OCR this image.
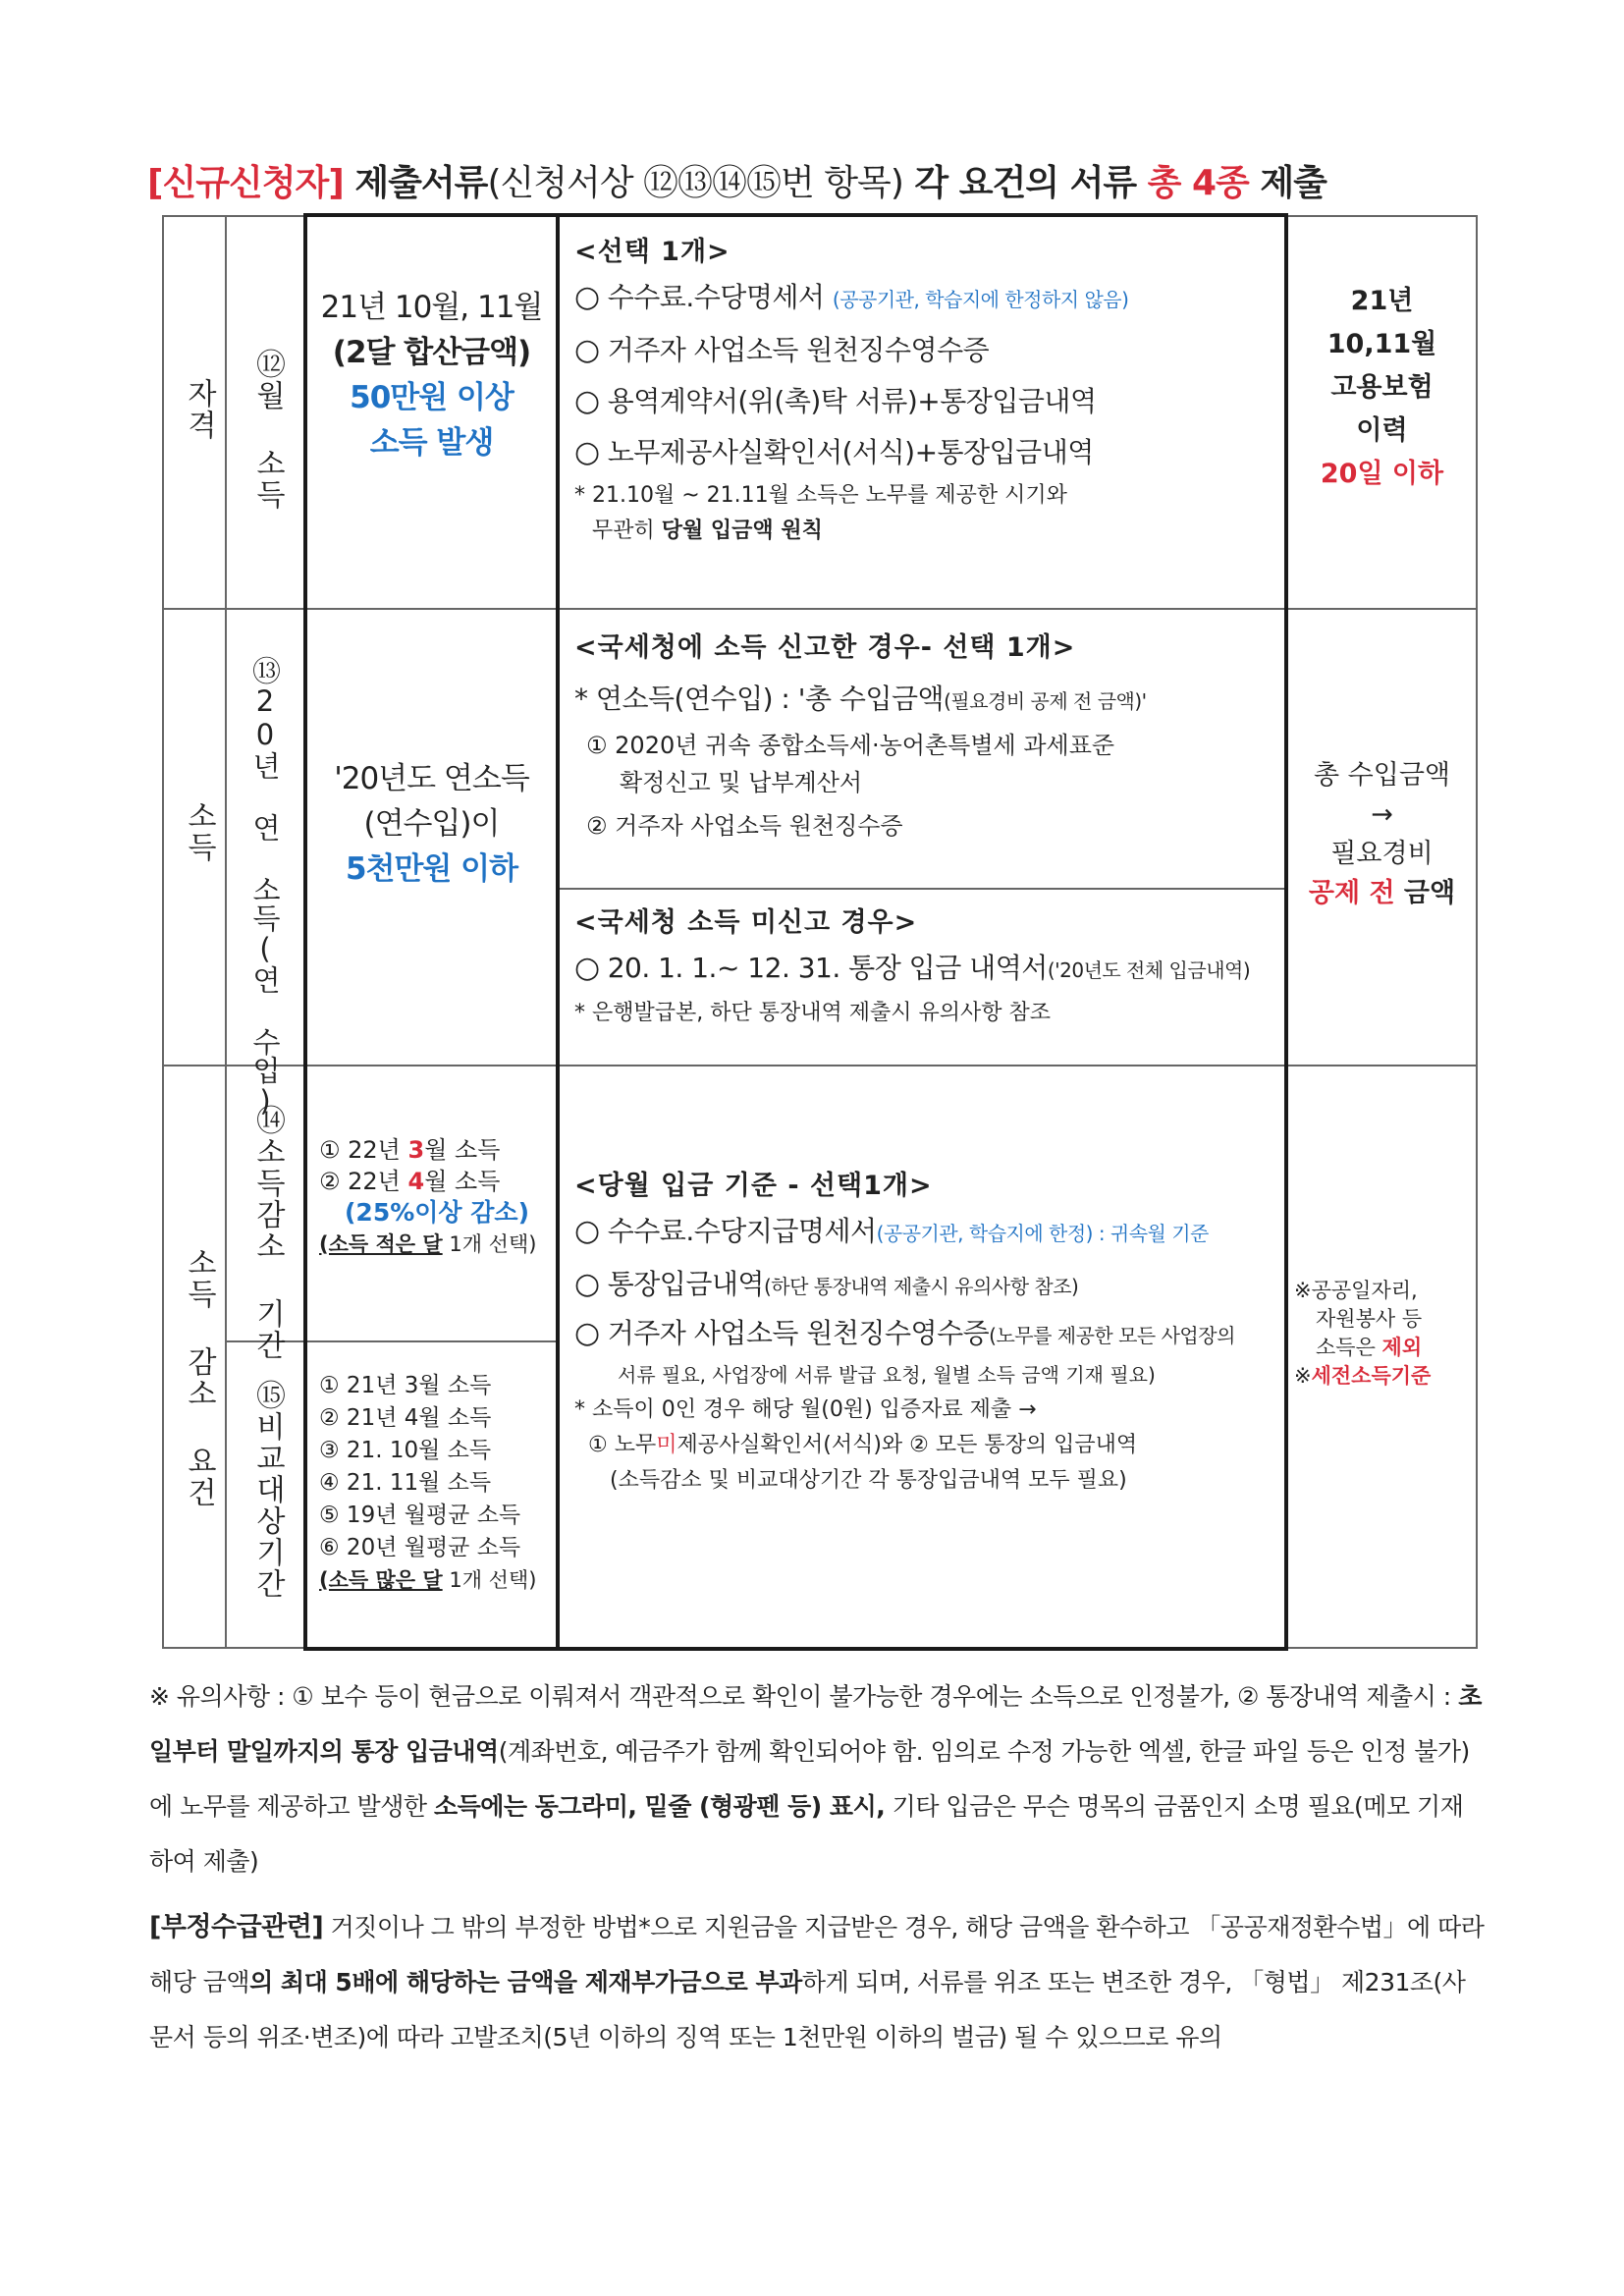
[신규신청자] 제출서류(신청서상 ⑫⑬⑭⑮번 항목) 각 요건의 서류 총 4종 제출
자격 ⑫월 소득
21년 10월, 11월
(2달 합산금액)
50만원 이상
소득 발생
<선택 1개>
○ 수수료.수당명세서 (공공기관, 학습지에 한정하지 않음)
○ 거주자 사업소득 원천징수영수증
○ 용역계약서(위(촉)탁 서류)+통장입금내역
○ 노무제공사실확인서(서식)+통장입금내역
* 21.10월 ~ 21.11월 소득은 노무를 제공한 시기와
무관히 당월 입금액 원칙
21년
10,11월
고용보험
이력
20일 이하
소득 ⑬20년 연 소득(연 수입) '20년도 연소득
(연수입)이
5천만원 이하
<국세청에 소득 신고한 경우- 선택 1개>
* 연소득(연수입) : '총 수입금액(필요경비 공제 전 금액)'
① 2020년 귀속 종합소득세·농어촌특별세 과세표준
확정신고 및 납부계산서
② 거주자 사업소득 원천징수증
<국세청 소득 미신고 경우>
○ 20. 1. 1.~ 12. 31. 통장 입금 내역서('20년도 전체 입금내역)
* 은행발급본, 하단 통장내역 제출시 유의사항 참조
총 수입금액
→
필요경비
공제 전 금액
소득 감소 요건
⑭소득감소 기간
⑮비교대상기간
① 22년 3월 소득
② 22년 4월 소득
(25%이상 감소)
(소득 적은 달 1개 선택)
① 21년 3월 소득
② 21년 4월 소득
③ 21. 10월 소득
④ 21. 11월 소득
⑤ 19년 월평균 소득
⑥ 20년 월평균 소득
(소득 많은 달 1개 선택)
<당월 입금 기준 - 선택1개>
○ 수수료.수당지급명세서(공공기관, 학습지에 한정) : 귀속월 기준
○ 통장입금내역(하단 통장내역 제출시 유의사항 참조)
○ 거주자 사업소득 원천징수영수증(노무를 제공한 모든 사업장의
서류 필요, 사업장에 서류 발급 요청, 월별 소득 금액 기재 필요)
* 소득이 0인 경우 해당 월(0원) 입증자료 제출 →
① 노무미제공사실확인서(서식)와 ② 모든 통장의 입금내역
(소득감소 및 비교대상기간 각 통장입금내역 모두 필요)
※공공일자리,
자원봉사 등
소득은 제외
※세전소득기준
※ 유의사항 : ① 보수 등이 현금으로 이뤄져서 객관적으로 확인이 불가능한 경우에는 소득으로 인정불가, ② 통장내역 제출시 : 초일부터 말일까지의 통장 입금내역(계좌번호, 예금주가 함께 확인되어야 함. 임의로 수정 가능한 엑셀, 한글 파일 등은 인정 불가)에 노무를 제공하고 발생한 소득에는 동그라미, 밑줄 (형광펜 등) 표시, 기타 입금은 무슨 명목의 금품인지 소명 필요(메모 기재하여 제출)
[부정수급관련] 거짓이나 그 밖의 부정한 방법*으로 지원금을 지급받은 경우, 해당 금액을 환수하고 「공공재정환수법」에 따라 해당 금액의 최대 5배에 해당하는 금액을 제재부가금으로 부과하게 되며, 서류를 위조 또는 변조한 경우, 「형법」 제231조(사문서 등의 위조·변조)에 따라 고발조치(5년 이하의 징역 또는 1천만원 이하의 벌금) 될 수 있으므로 유의
